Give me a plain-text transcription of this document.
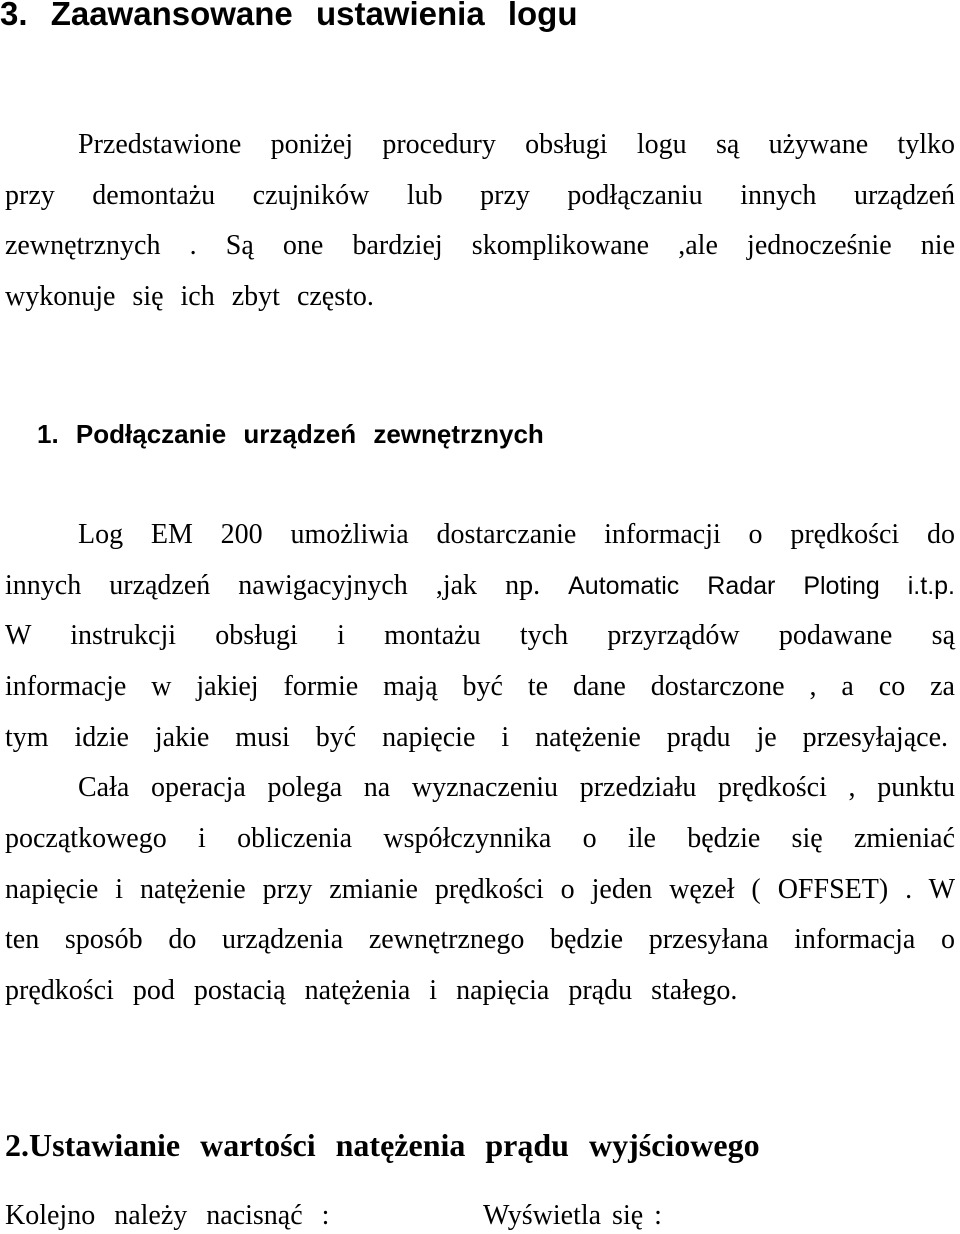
3. Zaawansowane ustawienia logu

Przedstawione poniżej procedury obsługi logu są używane tylko

przy demontażu czujników lub przy podłączaniu innych urządzeń

zewnętrznych . Są one bardziej skomplikowane ,ale jednocześnie nie

wykonuje się ich zbyt często.

1. Podłączanie urządzeń zewnętrznych

Log EM 200 umożliwia dostarczanie informacji o prędkości do

innych urządzeń nawigacyjnych ,jak np. Automatic Radar Ploting i.t.p.

W instrukcji obsługi i montażu tych przyrządów podawane są

informacje w jakiej formie mają być te dane dostarczone , a co za

tym idzie jakie musi być napięcie i natężenie prądu je przesyłające.

Cała operacja polega na wyznaczeniu przedziału prędkości , punktu

początkowego i obliczenia współczynnika o ile będzie się zmieniać

napięcie i natężenie przy zmianie prędkości o jeden węzeł ( OFFSET) . W

ten sposób do urządzenia zewnętrznego będzie przesyłana informacja o

prędkości pod postacią natężenia i napięcia prądu stałego.

2.Ustawianie wartości natężenia prądu wyjściowego
Kolejno należy nacisnąć :	Wyświetla się :
